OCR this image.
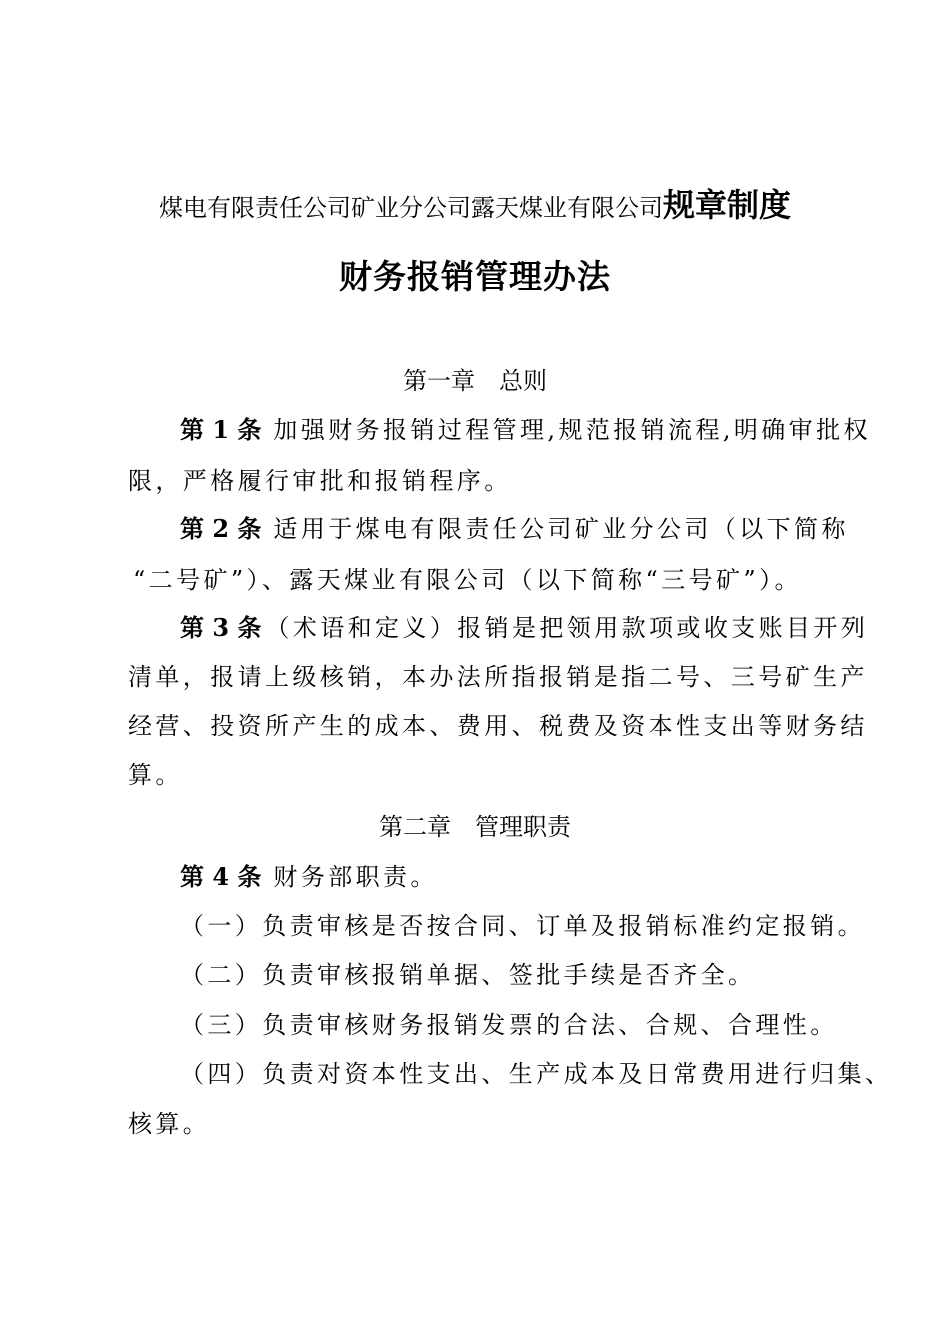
煤电有限责任公司矿业分公司露天煤业有限公司规章制度
财务报销管理办法
第一章　总则
第 1 条 加强财务报销过程管理,规范报销流程,明确审批权
限，严格履行审批和报销程序。
第 2 条 适用于煤电有限责任公司矿业分公司（以下简称
“二号矿”）、露天煤业有限公司（以下简称“三号矿”）。
第 3 条 （术语和定义）报销是把领用款项或收支账目开列
清单，报请上级核销，本办法所指报销是指二号、三号矿生产
经营、投资所产生的成本、费用、税费及资本性支出等财务结
算。
第二章　管理职责
第 4 条 财务部职责。
（一）负责审核是否按合同、订单及报销标准约定报销。
（二）负责审核报销单据、签批手续是否齐全。
（三）负责审核财务报销发票的合法、合规、合理性。
（四）负责对资本性支出、生产成本及日常费用进行归集、
核算。
